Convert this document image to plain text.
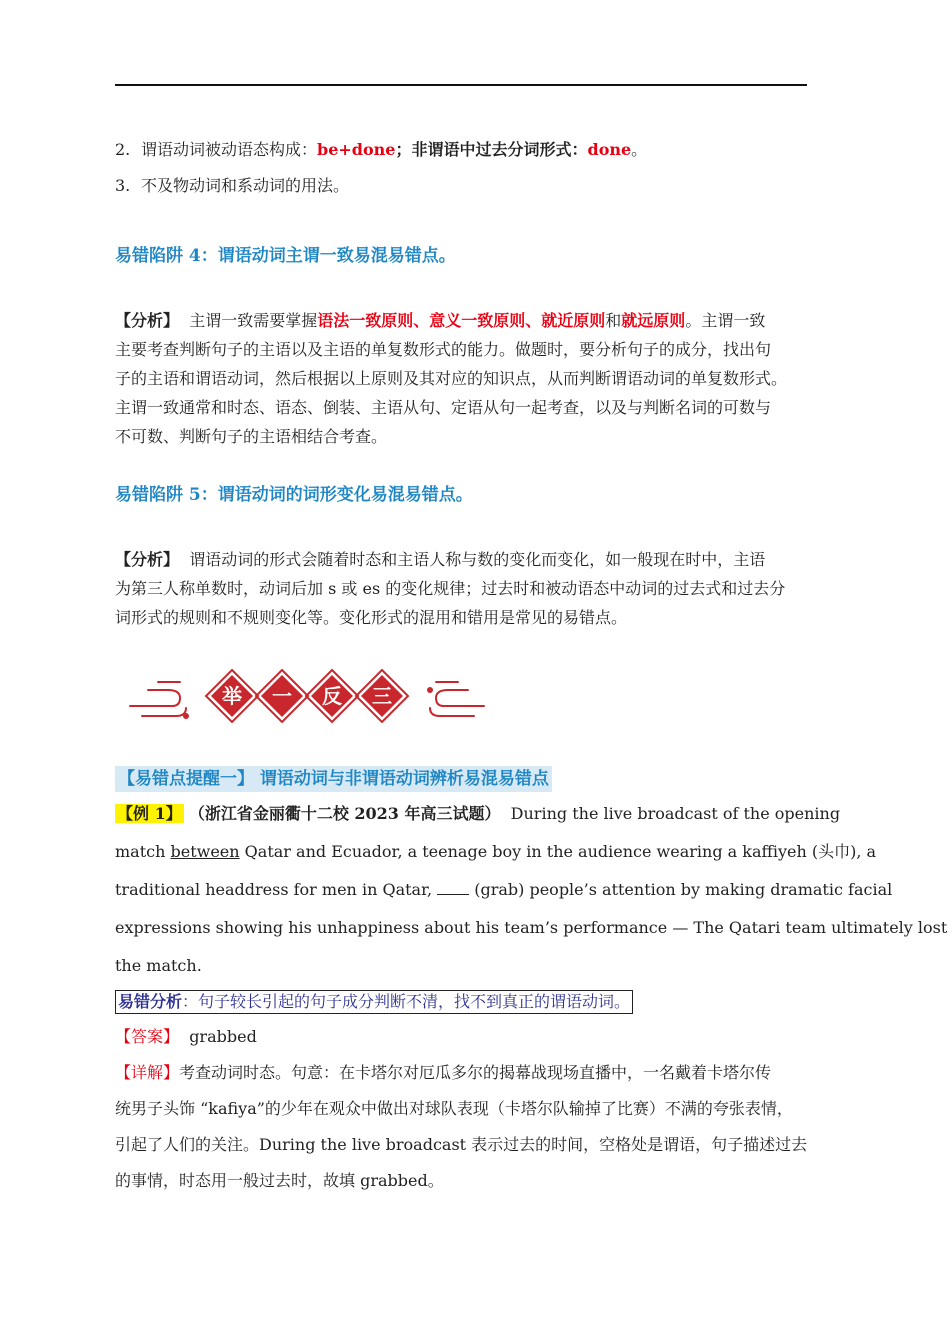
2. 谓语动词被动语态构成：be+done；非谓语中过去分词形式：done。
3. 不及物动词和系动词的用法。
易错陷阱 4：谓语动词主谓一致易混易错点。
【分析】 主谓一致需要掌握语法一致原则、意义一致原则、就近原则和就远原则。主谓一致
主要考查判断句子的主语以及主语的单复数形式的能力。做题时，要分析句子的成分，找出句
子的主语和谓语动词，然后根据以上原则及其对应的知识点，从而判断谓语动词的单复数形式。
主谓一致通常和时态、语态、倒装、主语从句、定语从句一起考查，以及与判断名词的可数与
不可数、判断句子的主语相结合考查。
易错陷阱 5：谓语动词的词形变化易混易错点。
【分析】 谓语动词的形式会随着时态和主语人称与数的变化而变化，如一般现在时中，主语
为第三人称单数时，动词后加 s 或 es 的变化规律；过去时和被动语态中动词的过去式和过去分
词形式的规则和不规则变化等。变化形式的混用和错用是常见的易错点。
举 一 反 三
【易错点提醒一】 谓语动词与非谓语动词辨析易混易错点
【例 1】 （浙江省金丽衢十二校 2023 年高三试题） During the live broadcast of the opening
match between Qatar and Ecuador, a teenage boy in the audience wearing a kaffiyeh (头巾), a
traditional headdress for men in Qatar,  (grab) people’s attention by making dramatic facial
expressions showing his unhappiness about his team’s performance — The Qatari team ultimately lost
the match.
易错分析：句子较长引起的句子成分判断不清，找不到真正的谓语动词。
【答案】 grabbed
【详解】考查动词时态。句意：在卡塔尔对厄瓜多尔的揭幕战现场直播中，一名戴着卡塔尔传
统男子头饰 “kafiya”的少年在观众中做出对球队表现（卡塔尔队输掉了比赛）不满的夸张表情，
引起了人们的关注。During the live broadcast 表示过去的时间，空格处是谓语，句子描述过去
的事情，时态用一般过去时，故填 grabbed。
